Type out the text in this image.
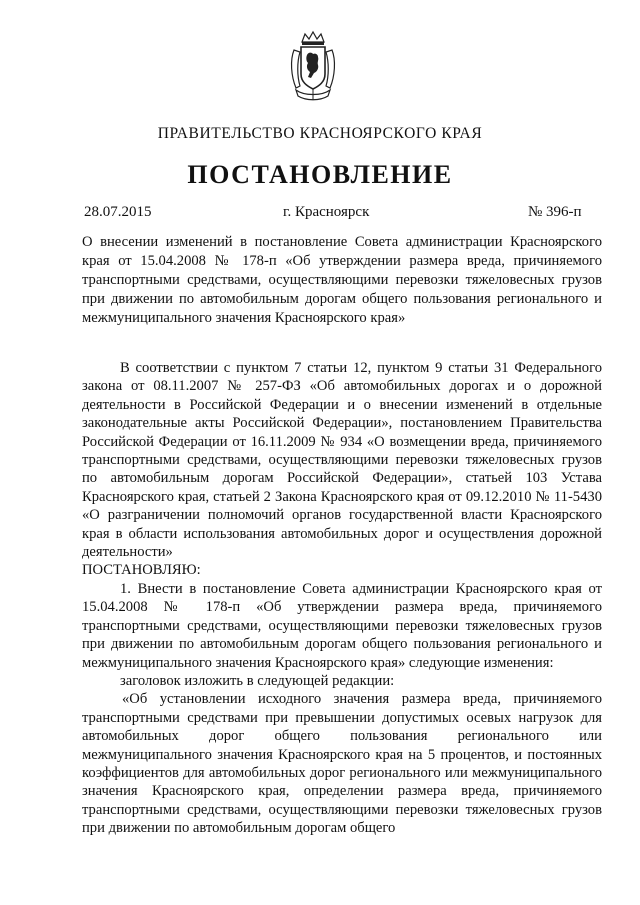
ПРАВИТЕЛЬСТВО КРАСНОЯРСКОГО КРАЯ
ПОСТАНОВЛЕНИЕ
28.07.2015	г. Красноярск	№ 396-п
О внесении изменений в постановление Совета администрации Красноярского края от 15.04.2008 № 178-п «Об утверждении размера вреда, причиняемого транспортными средствами, осуществляющими перевозки тяжеловесных грузов при движении по автомобильным дорогам общего пользования регионального и межмуниципального значения Красноярского края»

В соответствии с пунктом 7 статьи 12, пунктом 9 статьи 31 Федерального закона от 08.11.2007 № 257-ФЗ «Об автомобильных дорогах и о дорожной деятельности в Российской Федерации и о внесении изменений в отдельные законодательные акты Российской Федерации», постановлением Правительства Российской Федерации от 16.11.2009 № 934 «О возмещении вреда, причиняемого транспортными средствами, осуществляющими перевозки тяжеловесных грузов по автомобильным дорогам Российской Федерации», статьей 103 Устава Красноярского края, статьей 2 Закона Красноярского края от 09.12.2010 № 11-5430 «О разграничении полномочий органов государственной власти Красноярского края в области использования автомобильных дорог и осуществления дорожной деятельности»

ПОСТАНОВЛЯЮ:

1. Внести в постановление Совета администрации Красноярского края от 15.04.2008 № 178-п «Об утверждении размера вреда, причиняемого транспортными средствами, осуществляющими перевозки тяжеловесных грузов при движении по автомобильным дорогам общего пользования регионального и межмуниципального значения Красноярского края» следующие изменения:

заголовок изложить в следующей редакции:

«Об установлении исходного значения размера вреда, причиняемого транспортными средствами при превышении допустимых осевых нагрузок для автомобильных дорог общего пользования регионального или межмуниципального значения Красноярского края на 5 процентов, и постоянных коэффициентов для автомобильных дорог регионального или межмуниципального значения Красноярского края, определении размера вреда, причиняемого транспортными средствами, осуществляющими перевозки тяжеловесных грузов при движении по автомобильным дорогам общего
